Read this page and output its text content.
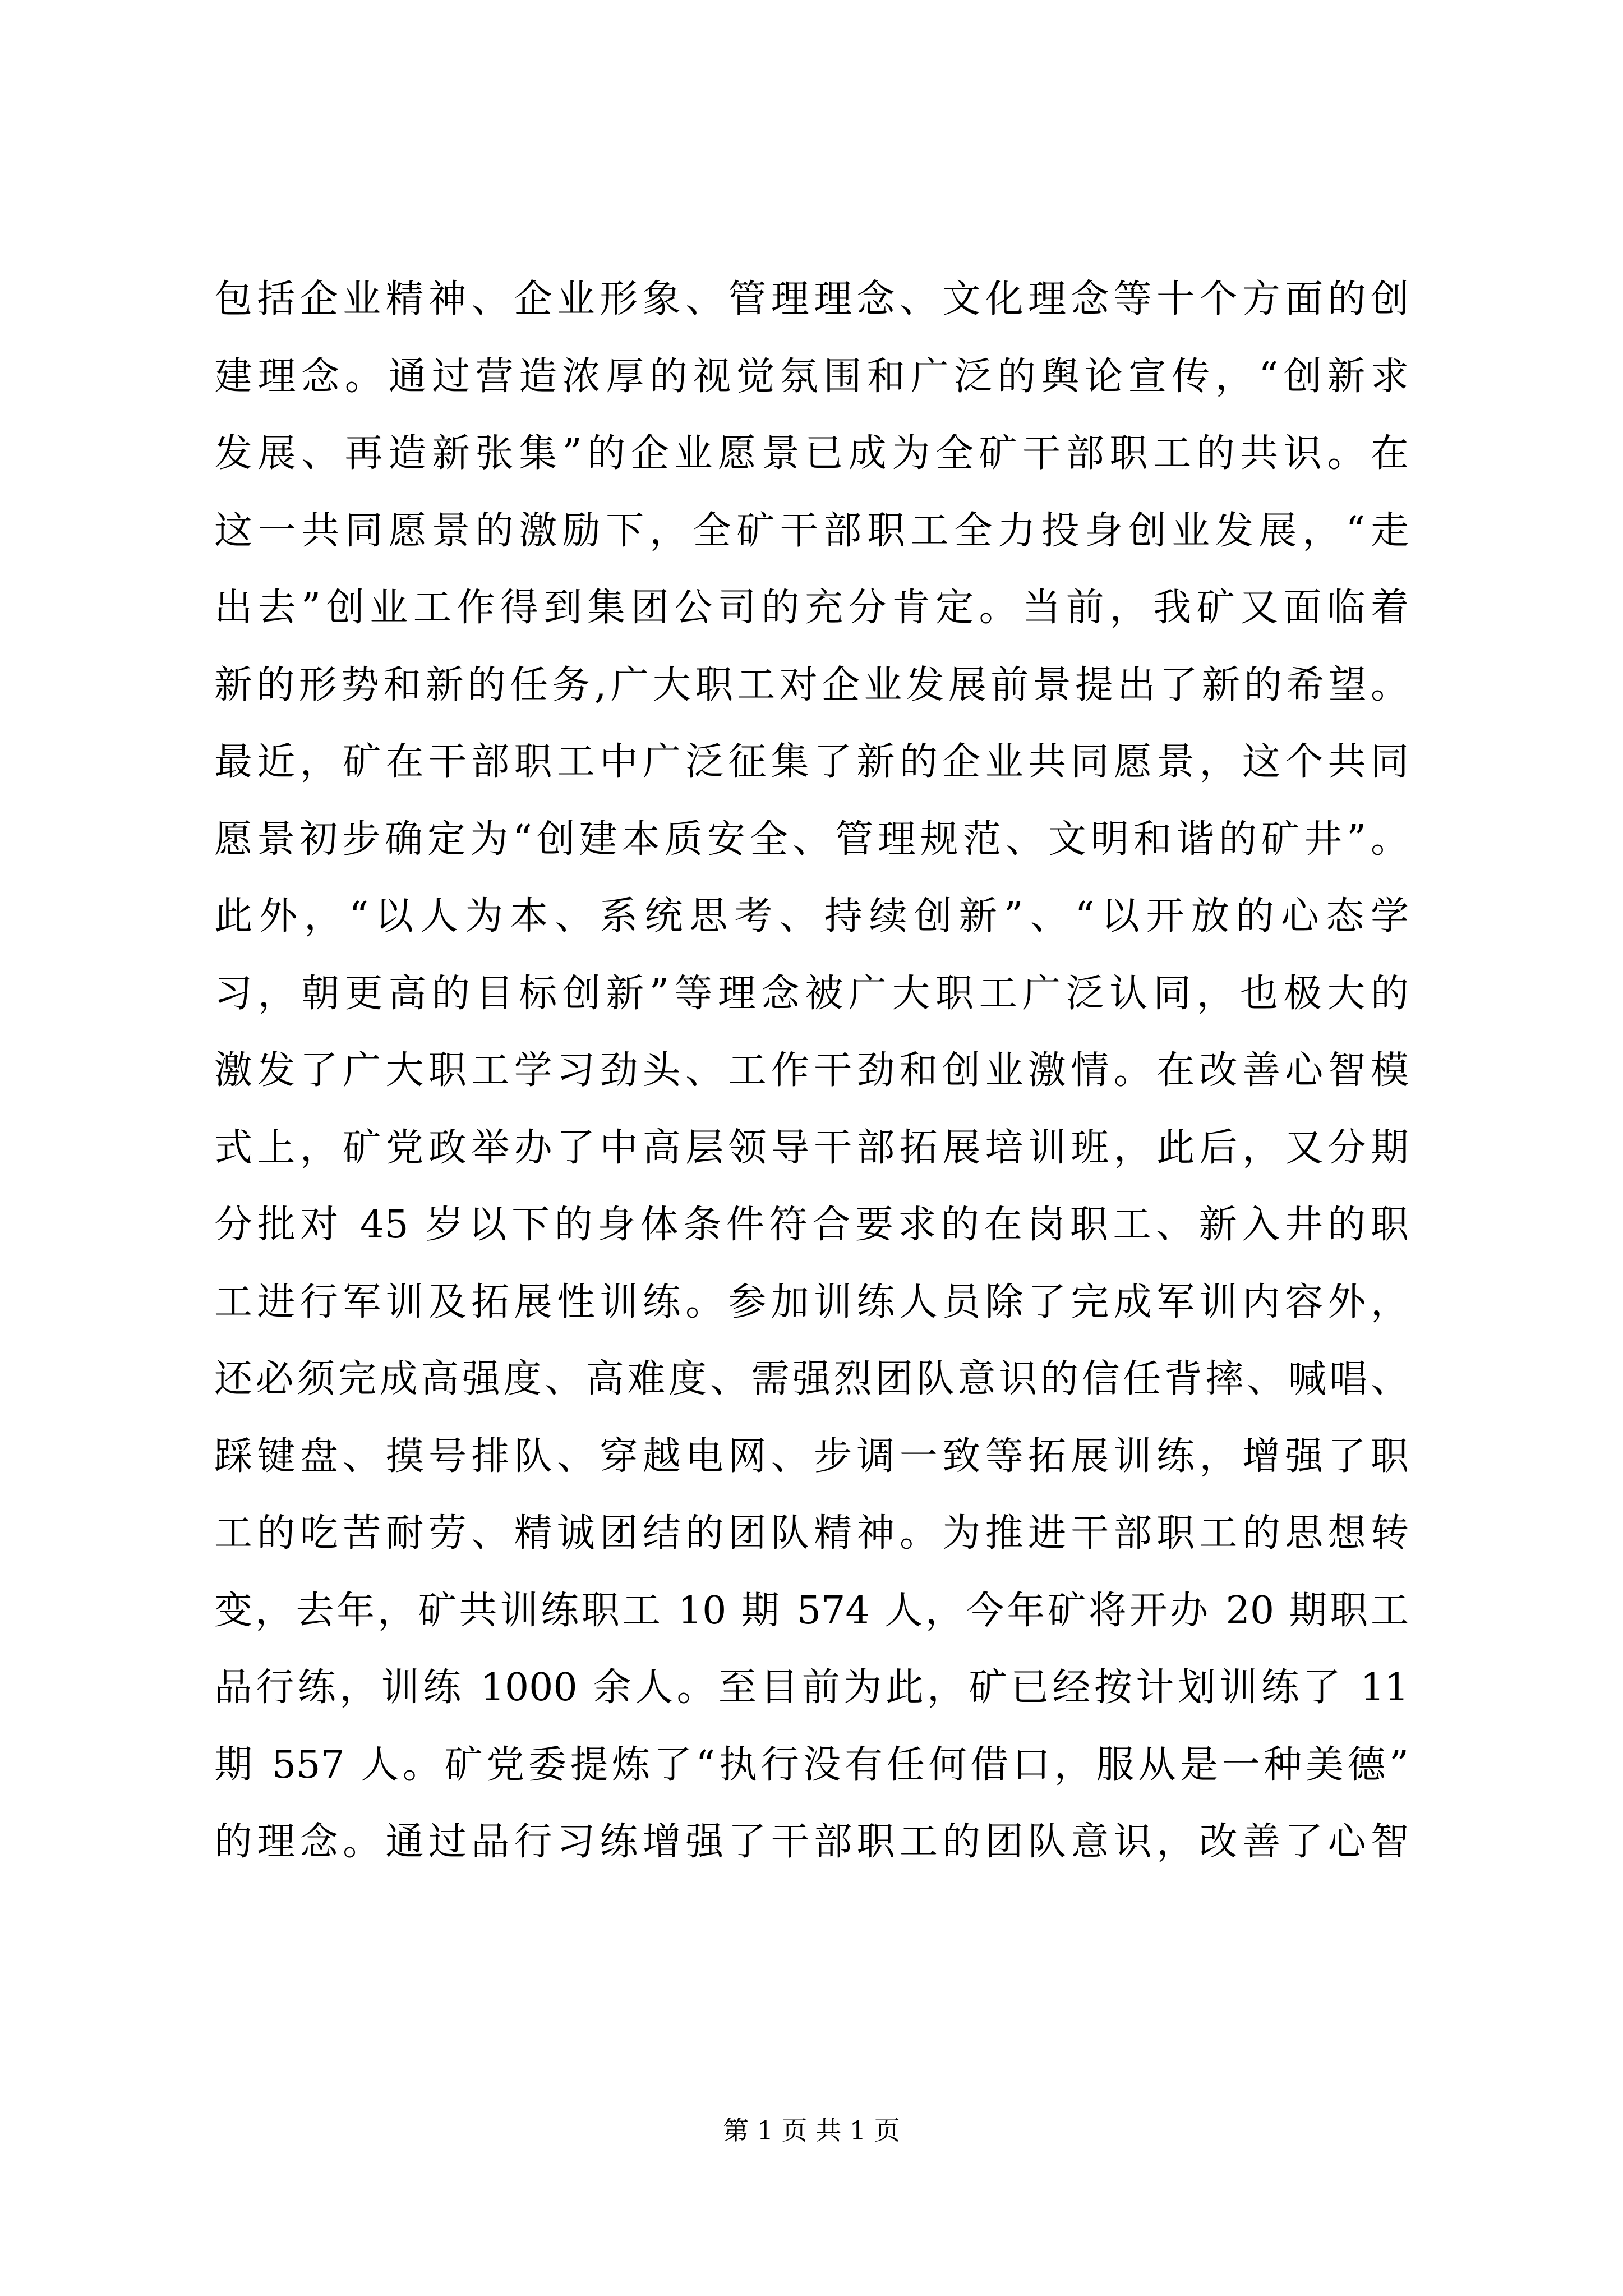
包括企业精神、企业形象、管理理念、文化理念等十个方面的创
建理念。通过营造浓厚的视觉氛围和广泛的舆论宣传，“创新求
发展、再造新张集”的企业愿景已成为全矿干部职工的共识。在
这一共同愿景的激励下，全矿干部职工全力投身创业发展，“走
出去”创业工作得到集团公司的充分肯定。当前，我矿又面临着
新的形势和新的任务,广大职工对企业发展前景提出了新的希望。
最近，矿在干部职工中广泛征集了新的企业共同愿景，这个共同
愿景初步确定为“创建本质安全、管理规范、文明和谐的矿井”。
此外，“以人为本、系统思考、持续创新”、“以开放的心态学
习，朝更高的目标创新”等理念被广大职工广泛认同，也极大的
激发了广大职工学习劲头、工作干劲和创业激情。在改善心智模
式上，矿党政举办了中高层领导干部拓展培训班，此后，又分期
分批对 45 岁以下的身体条件符合要求的在岗职工、新入井的职
工进行军训及拓展性训练。参加训练人员除了完成军训内容外，
还必须完成高强度、高难度、需强烈团队意识的信任背摔、喊唱、
踩键盘、摸号排队、穿越电网、步调一致等拓展训练，增强了职
工的吃苦耐劳、精诚团结的团队精神。为推进干部职工的思想转
变，去年，矿共训练职工 10 期 574 人，今年矿将开办 20 期职工
品行练，训练 1000 余人。至目前为此，矿已经按计划训练了 11
期 557 人。矿党委提炼了“执行没有任何借口，服从是一种美德”
的理念。通过品行习练增强了干部职工的团队意识，改善了心智
第 1 页 共 1 页
